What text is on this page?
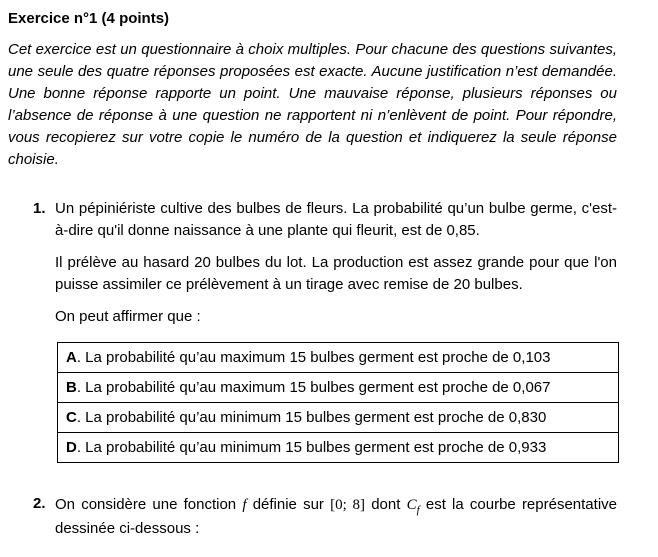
Exercice n°1 (4 points)

Cet exercice est un questionnaire à choix multiples. Pour chacune des questions suivantes, une seule des quatre réponses proposées est exacte. Aucune justification n’est demandée. Une bonne réponse rapporte un point. Une mauvaise réponse, plusieurs réponses ou l’absence de réponse à une question ne rapportent ni n’enlèvent de point. Pour répondre, vous recopierez sur votre copie le numéro de la question et indiquerez la seule réponse choisie.

1. Un pépiniériste cultive des bulbes de fleurs. La probabilité qu’un bulbe germe, c'est-à-dire qu'il donne naissance à une plante qui fleurit, est de 0,85.

Il prélève au hasard 20 bulbes du lot. La production est assez grande pour que l'on puisse assimiler ce prélèvement à un tirage avec remise de 20 bulbes.

On peut affirmer que :

A. La probabilité qu’au maximum 15 bulbes germent est proche de 0,103
B. La probabilité qu’au maximum 15 bulbes germent est proche de 0,067
C. La probabilité qu’au minimum 15 bulbes germent est proche de 0,830
D. La probabilité qu’au minimum 15 bulbes germent est proche de 0,933
2. On considère une fonction f définie sur [0; 8] dont $C_f$ est la courbe représentative dessinée ci-dessous :
